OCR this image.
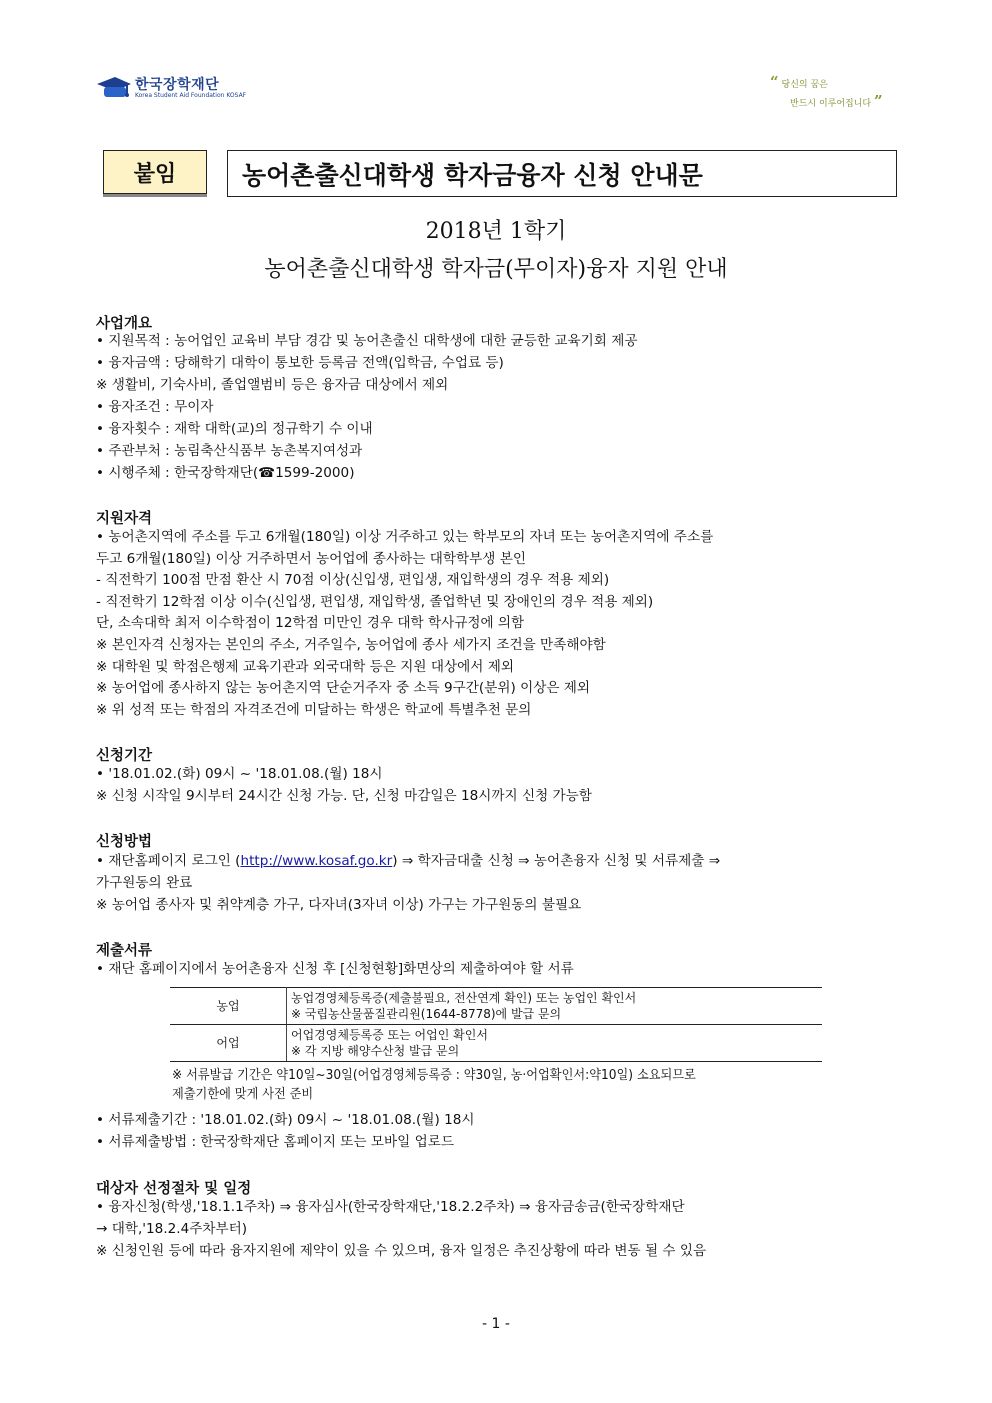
한국장학재단
Korea Student Aid Foundation KOSAF
“ 당신의 꿈은
반드시 이루어집니다 ”
붙임	농어촌출신대학생 학자금융자 신청 안내문
2018년 1학기
농어촌출신대학생 학자금(무이자)융자 지원 안내
사업개요
• 지원목적 : 농어업인 교육비 부담 경감 및 농어촌출신 대학생에 대한 균등한 교육기회 제공
• 융자금액 : 당해학기 대학이 통보한 등록금 전액(입학금, 수업료 등)
※ 생활비, 기숙사비, 졸업앨범비 등은 융자금 대상에서 제외
• 융자조건 : 무이자
• 융자횟수 : 재학 대학(교)의 정규학기 수 이내
• 주관부처 : 농림축산식품부 농촌복지여성과
• 시행주체 : 한국장학재단(☎1599-2000)
지원자격
• 농어촌지역에 주소를 두고 6개월(180일) 이상 거주하고 있는 학부모의 자녀 또는 농어촌지역에 주소를
두고 6개월(180일) 이상 거주하면서 농어업에 종사하는 대학학부생 본인
- 직전학기 100점 만점 환산 시 70점 이상(신입생, 편입생, 재입학생의 경우 적용 제외)
- 직전학기 12학점 이상 이수(신입생, 편입생, 재입학생, 졸업학년 및 장애인의 경우 적용 제외)
단, 소속대학 최저 이수학점이 12학점 미만인 경우 대학 학사규정에 의함
※ 본인자격 신청자는 본인의 주소, 거주일수, 농어업에 종사 세가지 조건을 만족해야함
※ 대학원 및 학점은행제 교육기관과 외국대학 등은 지원 대상에서 제외
※ 농어업에 종사하지 않는 농어촌지역 단순거주자 중 소득 9구간(분위) 이상은 제외
※ 위 성적 또는 학점의 자격조건에 미달하는 학생은 학교에 특별추천 문의
신청기간
• '18.01.02.(화) 09시 ~ '18.01.08.(월) 18시
※ 신청 시작일 9시부터 24시간 신청 가능. 단, 신청 마감일은 18시까지 신청 가능함
신청방법
• 재단홈페이지 로그인 (http://www.kosaf.go.kr) ⇒ 학자금대출 신청 ⇒ 농어촌융자 신청 및 서류제출 ⇒
가구원동의 완료
※ 농어업 종사자 및 취약계층 가구, 다자녀(3자녀 이상) 가구는 가구원동의 불필요
제출서류
• 재단 홈페이지에서 농어촌융자 신청 후 [신청현황]화면상의 제출하여야 할 서류
농업	농업경영체등록증(제출불필요, 전산연계 확인) 또는 농업인 확인서
※ 국립농산물품질관리원(1644-8778)에 발급 문의

어업	어업경영체등록증 또는 어업인 확인서
※ 각 지방 해양수산청 발급 문의
※ 서류발급 기간은 약10일~30일(어업경영체등록증 : 약30일, 농·어업확인서:약10일) 소요되므로
제출기한에 맞게 사전 준비
• 서류제출기간 : '18.01.02.(화) 09시 ~ '18.01.08.(월) 18시
• 서류제출방법 : 한국장학재단 홈페이지 또는 모바일 업로드
대상자 선정절차 및 일정
• 융자신청(학생,'18.1.1주차) ⇒ 융자심사(한국장학재단,'18.2.2주차) ⇒ 융자금송금(한국장학재단
→ 대학,'18.2.4주차부터)
※ 신청인원 등에 따라 융자지원에 제약이 있을 수 있으며, 융자 일정은 추진상황에 따라 변동 될 수 있음
- 1 -
